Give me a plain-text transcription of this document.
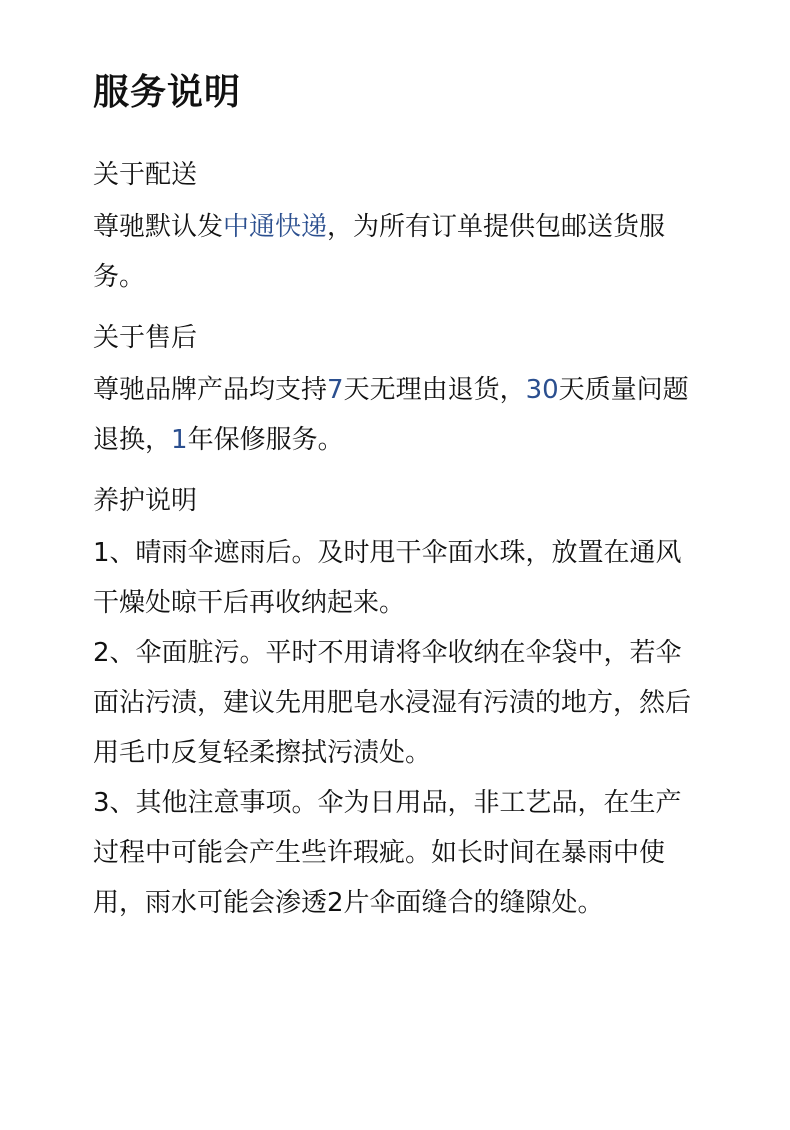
服务说明
关于配送

尊驰默认发中通快递，为所有订单提供包邮送货服务。

关于售后

尊驰品牌产品均支持7天无理由退货，30天质量问题退换，1年保修服务。

养护说明

1、晴雨伞遮雨后。及时甩干伞面水珠，放置在通风干燥处晾干后再收纳起来。

2、伞面脏污。平时不用请将伞收纳在伞袋中，若伞面沾污渍，建议先用肥皂水浸湿有污渍的地方，然后用毛巾反复轻柔擦拭污渍处。

3、其他注意事项。伞为日用品，非工艺品，在生产过程中可能会产生些许瑕疵。如长时间在暴雨中使用，雨水可能会渗透2片伞面缝合的缝隙处。
